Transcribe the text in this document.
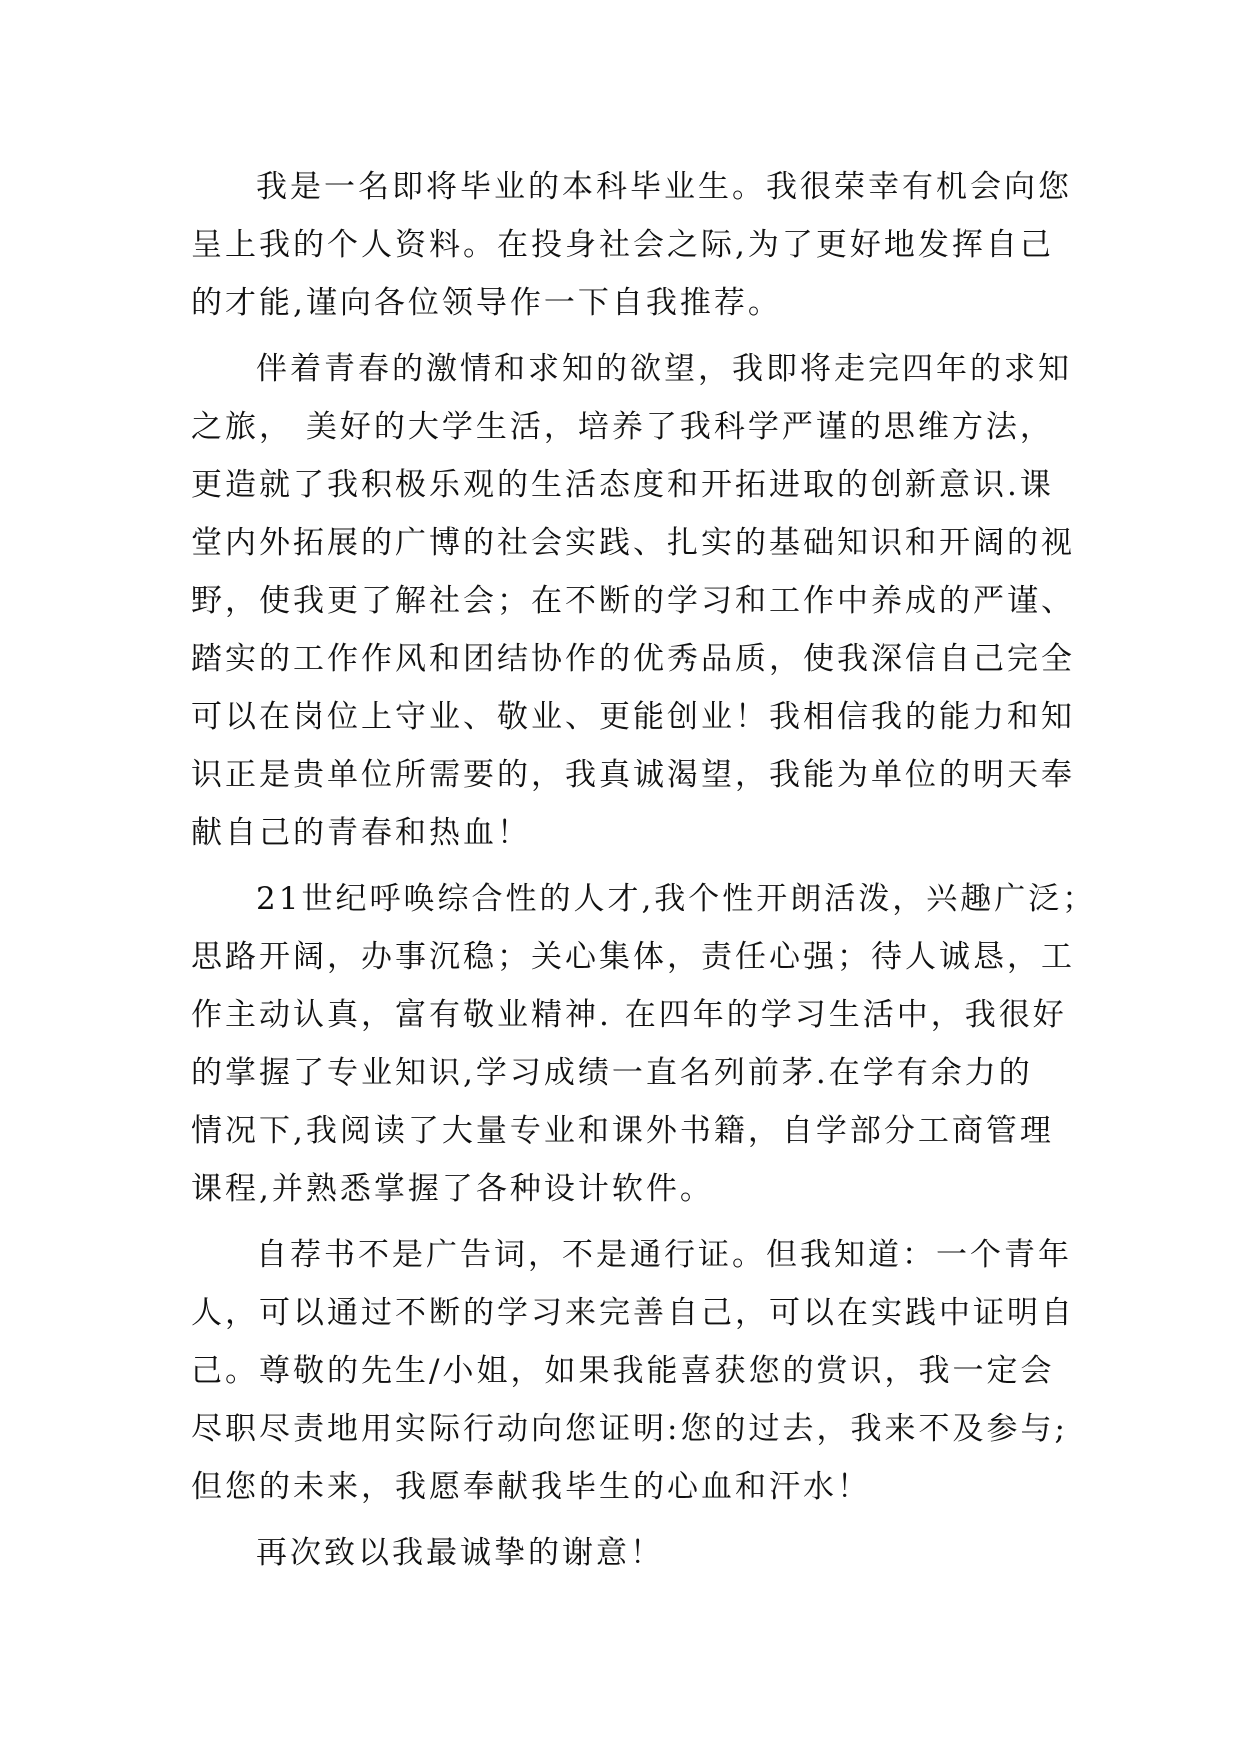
我是一名即将毕业的本科毕业生。我很荣幸有机会向您
呈上我的个人资料。在投身社会之际,为了更好地发挥自己
的才能,谨向各位领导作一下自我推荐。
伴着青春的激情和求知的欲望，我即将走完四年的求知
之旅， 美好的大学生活，培养了我科学严谨的思维方法，
更造就了我积极乐观的生活态度和开拓进取的创新意识.课
堂内外拓展的广博的社会实践、扎实的基础知识和开阔的视
野，使我更了解社会；在不断的学习和工作中养成的严谨、
踏实的工作作风和团结协作的优秀品质，使我深信自己完全
可以在岗位上守业、敬业、更能创业！我相信我的能力和知
识正是贵单位所需要的，我真诚渴望，我能为单位的明天奉
献自己的青春和热血！
21世纪呼唤综合性的人才,我个性开朗活泼，兴趣广泛；
思路开阔，办事沉稳；关心集体，责任心强；待人诚恳，工
作主动认真，富有敬业精神. 在四年的学习生活中，我很好
的掌握了专业知识,学习成绩一直名列前茅.在学有余力的
情况下,我阅读了大量专业和课外书籍，自学部分工商管理
课程,并熟悉掌握了各种设计软件。
自荐书不是广告词，不是通行证。但我知道：一个青年
人，可以通过不断的学习来完善自己，可以在实践中证明自
己。尊敬的先生/小姐，如果我能喜获您的赏识，我一定会
尽职尽责地用实际行动向您证明:您的过去，我来不及参与;
但您的未来，我愿奉献我毕生的心血和汗水！
再次致以我最诚挚的谢意！
